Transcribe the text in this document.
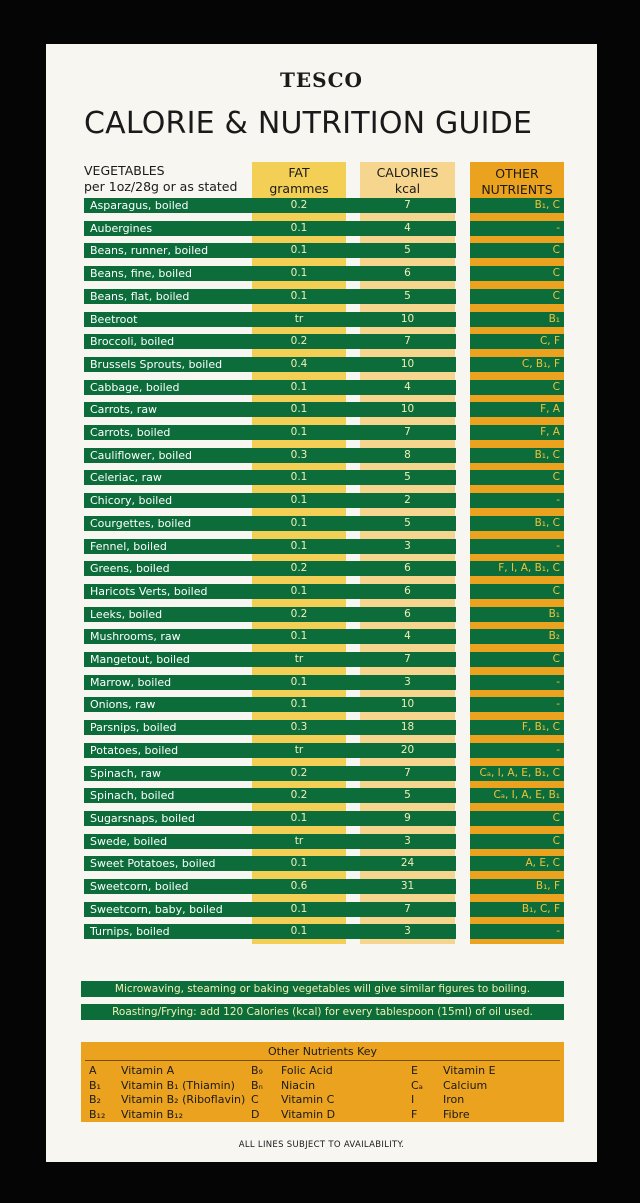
TESCO
CALORIE & NUTRITION GUIDE
VEGETABLES
per 1oz/28g or as stated
FAT
grammes
CALORIES
kcal
OTHER
NUTRIENTS
Asparagus, boiled	0.2	7	B₁, C
Aubergines	0.1	4	-
Beans, runner, boiled	0.1	5	C
Beans, fine, boiled	0.1	6	C
Beans, flat, boiled	0.1	5	C
Beetroot	tr	10	B₁
Broccoli, boiled	0.2	7	C, F
Brussels Sprouts, boiled	0.4	10	C, B₁, F
Cabbage, boiled	0.1	4	C
Carrots, raw	0.1	10	F, A
Carrots, boiled	0.1	7	F, A
Cauliflower, boiled	0.3	8	B₁, C
Celeriac, raw	0.1	5	C
Chicory, boiled	0.1	2	-
Courgettes, boiled	0.1	5	B₁, C
Fennel, boiled	0.1	3	-
Greens, boiled	0.2	6	F, I, A, B₁, C
Haricots Verts, boiled	0.1	6	C
Leeks, boiled	0.2	6	B₁
Mushrooms, raw	0.1	4	B₂
Mangetout, boiled	tr	7	C
Marrow, boiled	0.1	3	-
Onions, raw	0.1	10	-
Parsnips, boiled	0.3	18	F, B₁, C
Potatoes, boiled	tr	20	-
Spinach, raw	0.2	7	Cₐ, I, A, E, B₁, C
Spinach, boiled	0.2	5	Cₐ, I, A, E, B₁
Sugarsnaps, boiled	0.1	9	C
Swede, boiled	tr	3	C
Sweet Potatoes, boiled	0.1	24	A, E, C
Sweetcorn, boiled	0.6	31	B₁, F
Sweetcorn, baby, boiled	0.1	7	B₁, C, F
Turnips, boiled	0.1	3	-
Microwaving, steaming or baking vegetables will give similar figures to boiling.
Roasting/Frying: add 120 Calories (kcal) for every tablespoon (15ml) of oil used.
Other Nutrients Key
A Vitamin A
B₁ Vitamin B₁ (Thiamin)
B₂ Vitamin B₂ (Riboflavin)
B₁₂ Vitamin B₁₂
B₉ Folic Acid
Bₙ Niacin
C Vitamin C
D Vitamin D
E Vitamin E
Cₐ Calcium
I	Iron
F Fibre
ALL LINES SUBJECT TO AVAILABILITY.
